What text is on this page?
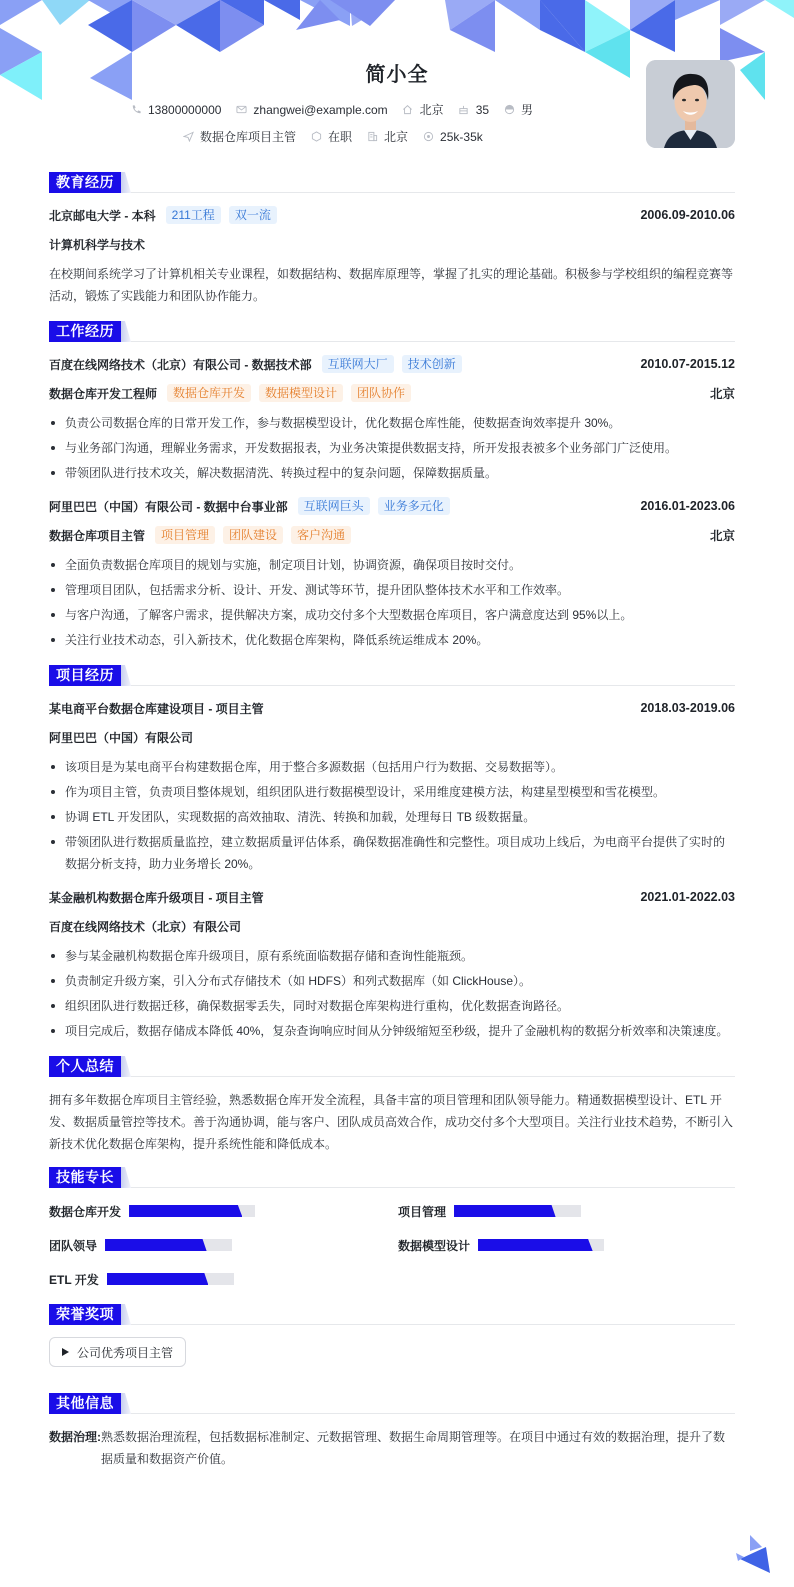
简小全
13800000000	zhangwei@example.com	北京	35	男
数据仓库项目主管	在职	北京	25k-35k
教育经历
北京邮电大学 - 本科	211工程	双一流	2006.09-2010.06
计算机科学与技术

在校期间系统学习了计算机相关专业课程，如数据结构、数据库原理等，掌握了扎实的理论基础。积极参与学校组织的编程竞赛等活动，锻炼了实践能力和团队协作能力。

工作经历
百度在线网络技术（北京）有限公司 - 数据技术部	互联网大厂	技术创新	2010.07-2015.12
数据仓库开发工程师	数据仓库开发	数据模型设计	团队协作	北京
负责公司数据仓库的日常开发工作，参与数据模型设计，优化数据仓库性能，使数据查询效率提升 30%。
与业务部门沟通，理解业务需求，开发数据报表，为业务决策提供数据支持，所开发报表被多个业务部门广泛使用。
带领团队进行技术攻关，解决数据清洗、转换过程中的复杂问题，保障数据质量。
阿里巴巴（中国）有限公司 - 数据中台事业部	互联网巨头	业务多元化	2016.01-2023.06
数据仓库项目主管	项目管理	团队建设	客户沟通	北京
全面负责数据仓库项目的规划与实施，制定项目计划，协调资源，确保项目按时交付。
管理项目团队，包括需求分析、设计、开发、测试等环节，提升团队整体技术水平和工作效率。
与客户沟通，了解客户需求，提供解决方案，成功交付多个大型数据仓库项目，客户满意度达到 95%以上。
关注行业技术动态，引入新技术，优化数据仓库架构，降低系统运维成本 20%。
项目经历
某电商平台数据仓库建设项目 - 项目主管	2018.03-2019.06
阿里巴巴（中国）有限公司
该项目是为某电商平台构建数据仓库，用于整合多源数据（包括用户行为数据、交易数据等）。
作为项目主管，负责项目整体规划，组织团队进行数据模型设计，采用维度建模方法，构建星型模型和雪花模型。
协调 ETL 开发团队，实现数据的高效抽取、清洗、转换和加载，处理每日 TB 级数据量。
带领团队进行数据质量监控，建立数据质量评估体系，确保数据准确性和完整性。项目成功上线后，为电商平台提供了实时的数据分析支持，助力业务增长 20%。
某金融机构数据仓库升级项目 - 项目主管	2021.01-2022.03
百度在线网络技术（北京）有限公司
参与某金融机构数据仓库升级项目，原有系统面临数据存储和查询性能瓶颈。
负责制定升级方案，引入分布式存储技术（如 HDFS）和列式数据库（如 ClickHouse）。
组织团队进行数据迁移，确保数据零丢失，同时对数据仓库架构进行重构，优化数据查询路径。
项目完成后，数据存储成本降低 40%，复杂查询响应时间从分钟级缩短至秒级，提升了金融机构的数据分析效率和决策速度。
个人总结

拥有多年数据仓库项目主管经验，熟悉数据仓库开发全流程，具备丰富的项目管理和团队领导能力。精通数据模型设计、ETL 开发、数据质量管控等技术。善于沟通协调，能与客户、团队成员高效合作，成功交付多个大型项目。关注行业技术趋势，不断引入新技术优化数据仓库架构，提升系统性能和降低成本。

技能专长
数据仓库开发	项目管理
团队领导	数据模型设计
ETL 开发
荣誉奖项
公司优秀项目主管
其他信息
数据治理: 熟悉数据治理流程，包括数据标准制定、元数据管理、数据生命周期管理等。在项目中通过有效的数据治理，提升了数据质量和数据资产价值。
